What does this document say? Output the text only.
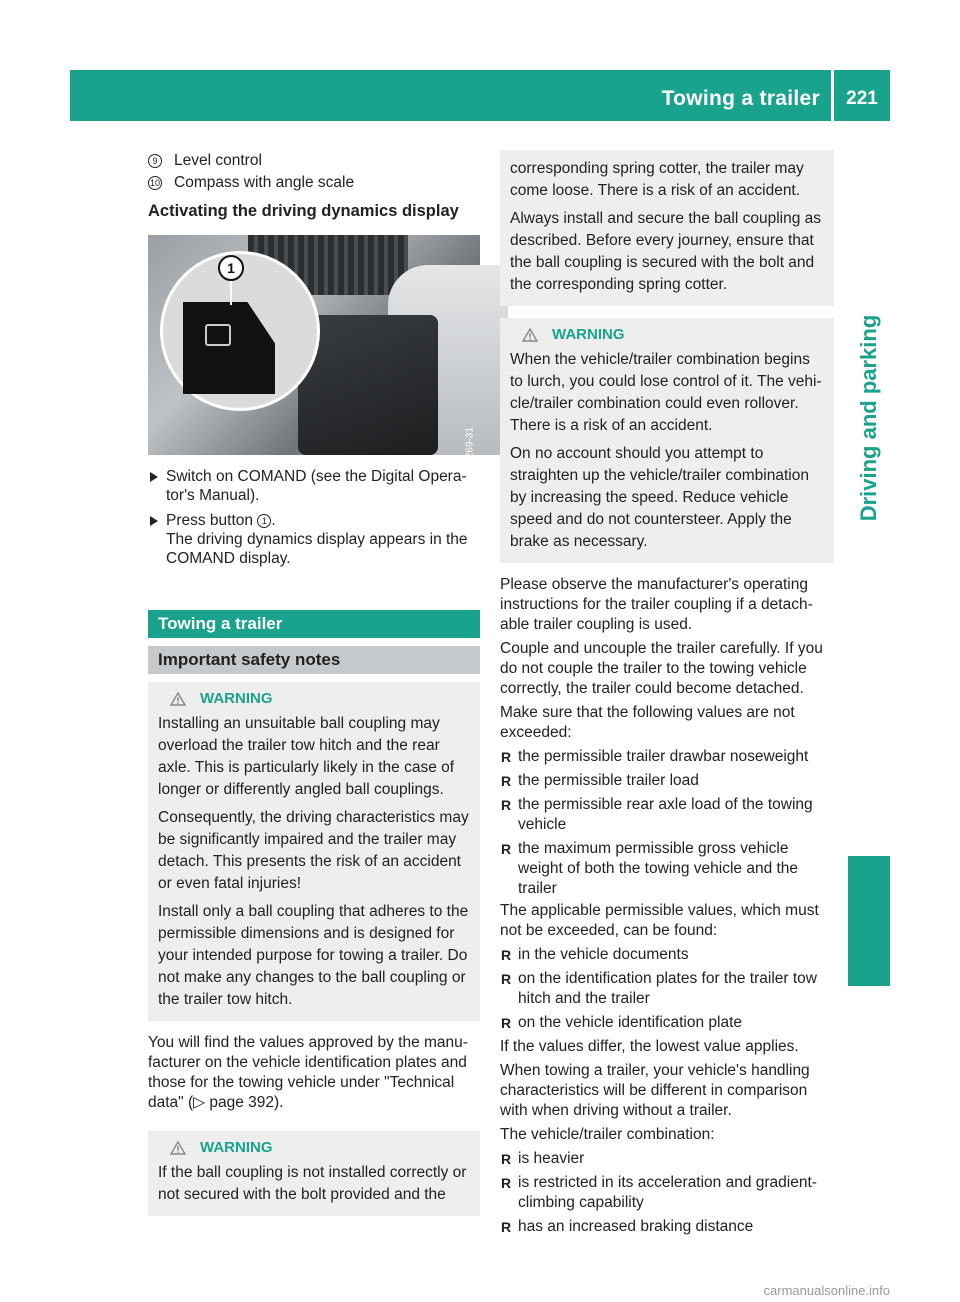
Towing a trailer	221
Driving and parking
9 Level control
10 Compass with angle scale
Activating the driving dynamics display
1
P54.26-0269-31
Switch on COMAND (see the Digital Opera-tor's Manual).
Press button 1 .
The driving dynamics display appears in the COMAND display.
Towing a trailer
Important safety notes
WARNING

Installing an unsuitable ball coupling may overload the trailer tow hitch and the rear axle. This is particularly likely in the case of longer or differently angled ball couplings.

Consequently, the driving characteristics may be significantly impaired and the trailer may detach. This presents the risk of an accident or even fatal injuries!

Install only a ball coupling that adheres to the permissible dimensions and is designed for your intended purpose for towing a trailer. Do not make any changes to the ball coupling or the trailer tow hitch.

You will find the values approved by the manu-facturer on the vehicle identification plates and those for the towing vehicle under "Technical data" (▷ page 392).

WARNING

If the ball coupling is not installed correctly or not secured with the bolt provided and the

corresponding spring cotter, the trailer may come loose. There is a risk of an accident.

Always install and secure the ball coupling as described. Before every journey, ensure that the ball coupling is secured with the bolt and the corresponding spring cotter.

WARNING

When the vehicle/trailer combination begins to lurch, you could lose control of it. The vehi-cle/trailer combination could even rollover. There is a risk of an accident.

On no account should you attempt to straighten up the vehicle/trailer combination by increasing the speed. Reduce vehicle speed and do not countersteer. Apply the brake as necessary.

Please observe the manufacturer's operating instructions for the trailer coupling if a detach-able trailer coupling is used.

Couple and uncouple the trailer carefully. If you do not couple the trailer to the towing vehicle correctly, the trailer could become detached.

Make sure that the following values are not exceeded:

R the permissible trailer drawbar noseweight
R the permissible trailer load
R the permissible rear axle load of the towing vehicle
R the maximum permissible gross vehicle weight of both the towing vehicle and the trailer

The applicable permissible values, which must not be exceeded, can be found:

R in the vehicle documents
R on the identification plates for the trailer tow hitch and the trailer
R on the vehicle identification plate

If the values differ, the lowest value applies.

When towing a trailer, your vehicle's handling characteristics will be different in comparison with when driving without a trailer.

The vehicle/trailer combination:

R is heavier
R is restricted in its acceleration and gradient-climbing capability
R has an increased braking distance
carmanualsonline.info
